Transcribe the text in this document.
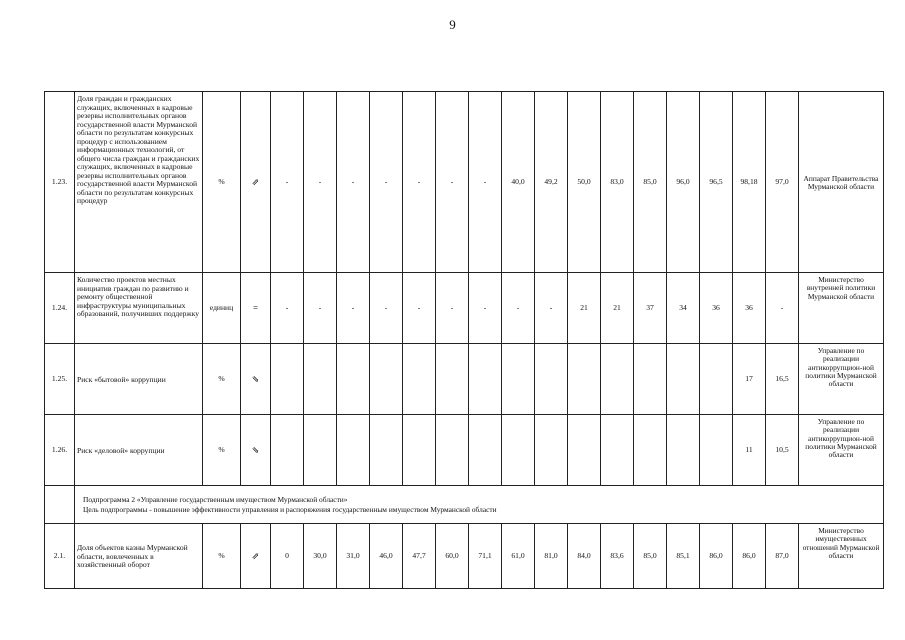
9
1.23.	Доля граждан и гражданских служащих, включенных в кадровые резервы исполнительных органов государственной власти Мурманской области по результатам конкурсных процедур с использованием информационных технологий, от общего числа граждан и гражданских служащих, включенных в кадровые резервы исполнительных органов государственной власти Мурманской области по результатам конкурсных процедур	%	⇗	-	-	-	-	-	-	-	40,0	49,2	50,0	83,0	85,0	96,0	96,5	98,18	97,0	Аппарат Правительства Мурманской области
1.24.	Количество проектов местных инициатив граждан по развитию и ремонту общественной инфраструктуры муниципальных образований, получивших поддержку	единиц	=	-	-	-	-	-	-	-	-	-	21	21	37	34	36	36	-	Министерство внутренней политики Мурманской области
1.25.	Риск «бытовой» коррупции	%	⇘															17	16,5	Управление по реализации антикоррупцион-ной политики Мурманской области
1.26.	Риск «деловой» коррупции	%	⇘															11	10,5	Управление по реализации антикоррупцион-ной политики Мурманской области

	Подпрограмма 2 «Управление государственным имуществом Мурманской области»
Цель подпрограммы - повышение эффективности управления и распоряжения государственным имуществом Мурманской области																			

2.1.	Доля объектов казны Мурманской области, вовлеченных в хозяйственный оборот	%	⇗	0	30,0	31,0	46,0	47,7	60,0	71,1	61,0	81,0	84,0	83,6	85,0	85,1	86,0	86,0	87,0	Министерство имущественных отношений Мурманской области
